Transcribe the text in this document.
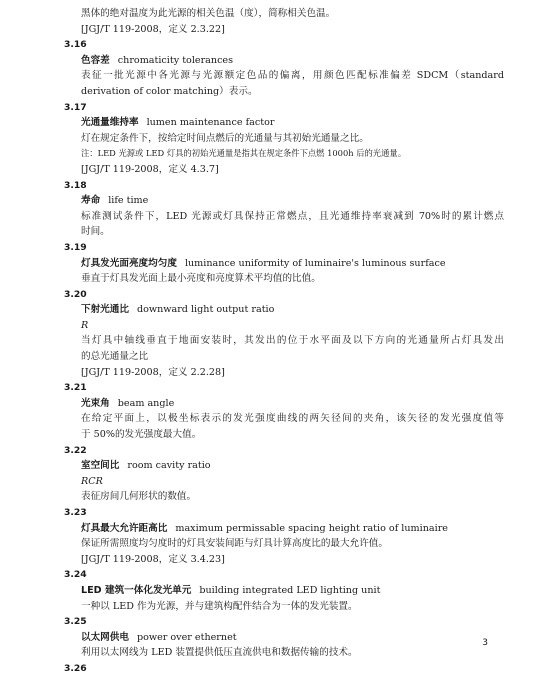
黑体的绝对温度为此光源的相关色温（度），简称相关色温。
[JGJ/T 119-2008，定义 2.3.22]
3.16
色容差 chromaticity tolerances
表征一批光源中各光源与光源额定色品的偏离，用颜色匹配标准偏差 SDCM（standard
derivation of color matching）表示。
3.17
光通量维持率 lumen maintenance factor
灯在规定条件下，按给定时间点燃后的光通量与其初始光通量之比。
注：LED 光源或 LED 灯具的初始光通量是指其在规定条件下点燃 1000h 后的光通量。
[JGJ/T 119-2008，定义 4.3.7]
3.18
寿命 life time
标准测试条件下，LED 光源或灯具保持正常燃点，且光通维持率衰减到 70%时的累计燃点
时间。
3.19
灯具发光面亮度均匀度 luminance uniformity of luminaire's luminous surface
垂直于灯具发光面上最小亮度和亮度算术平均值的比值。
3.20
下射光通比 downward light output ratio
R
当灯具中轴线垂直于地面安装时，其发出的位于水平面及以下方向的光通量所占灯具发出
的总光通量之比
[JGJ/T 119-2008，定义 2.2.28]
3.21
光束角 beam angle
在给定平面上，以极坐标表示的发光强度曲线的两矢径间的夹角，该矢径的发光强度值等
于 50%的发光强度最大值。
3.22
室空间比 room cavity ratio
RCR
表征房间几何形状的数值。
3.23
灯具最大允许距高比 maximum permissable spacing height ratio of luminaire
保证所需照度均匀度时的灯具安装间距与灯具计算高度比的最大允许值。
[JGJ/T 119-2008，定义 3.4.23]
3.24
LED 建筑一体化发光单元 building integrated LED lighting unit
一种以 LED 作为光源，并与建筑构配件结合为一体的发光装置。
3.25
以太网供电 power over ethernet
利用以太网线为 LED 装置提供低压直流供电和数据传输的技术。
3.26
3
